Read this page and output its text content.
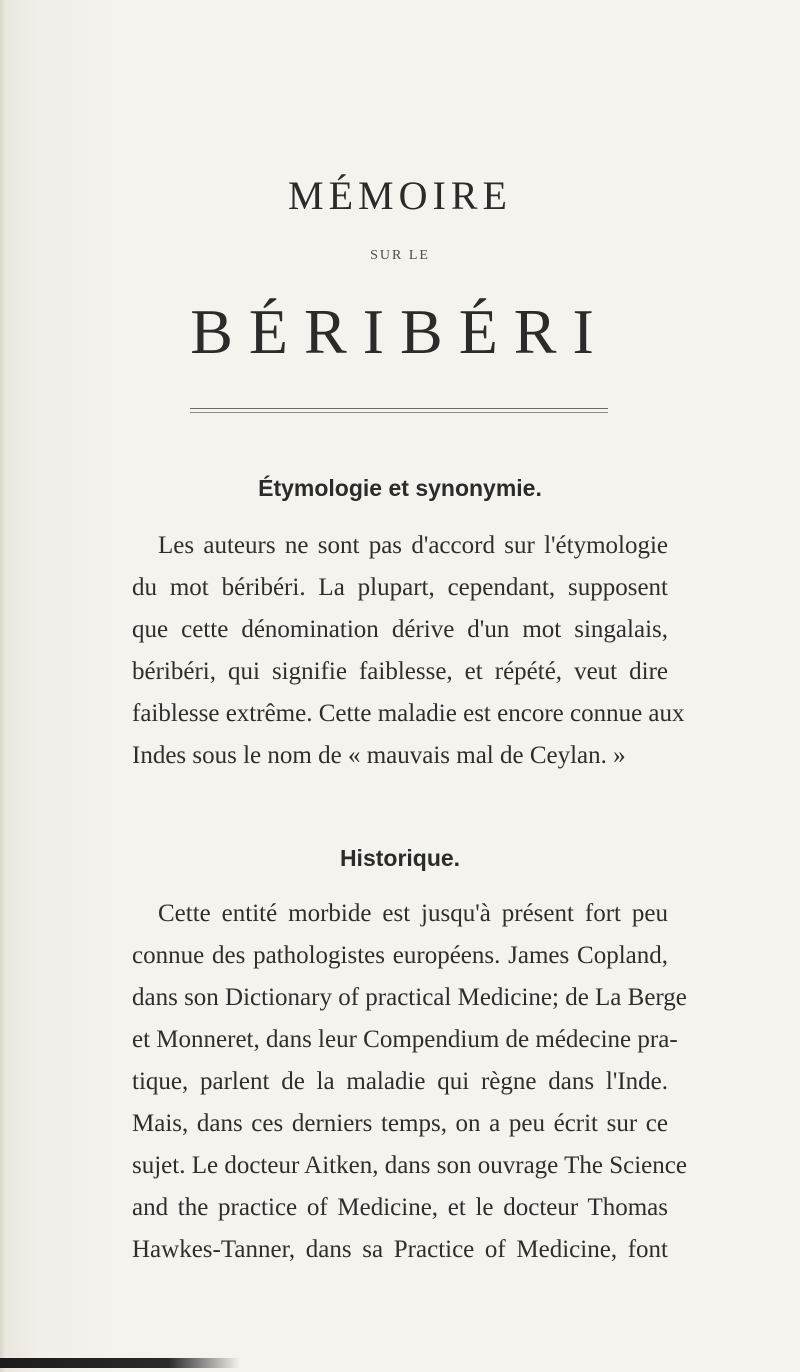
MÉMOIRE
SUR LE
BÉRIBÉRI
Étymologie et synonymie.
Les auteurs ne sont pas d'accord sur l'étymologie
du mot béribéri. La plupart, cependant, supposent
que cette dénomination dérive d'un mot singalais,
béribéri, qui signifie faiblesse, et répété, veut dire
faiblesse extrême. Cette maladie est encore connue aux
Indes sous le nom de « mauvais mal de Ceylan. »
Historique.
Cette entité morbide est jusqu'à présent fort peu
connue des pathologistes européens. James Copland,
dans son Dictionary of practical Medicine; de La Berge
et Monneret, dans leur Compendium de médecine pra-
tique, parlent de la maladie qui règne dans l'Inde.
Mais, dans ces derniers temps, on a peu écrit sur ce
sujet. Le docteur Aitken, dans son ouvrage The Science
and the practice of Medicine, et le docteur Thomas
Hawkes-Tanner, dans sa Practice of Medicine, font
